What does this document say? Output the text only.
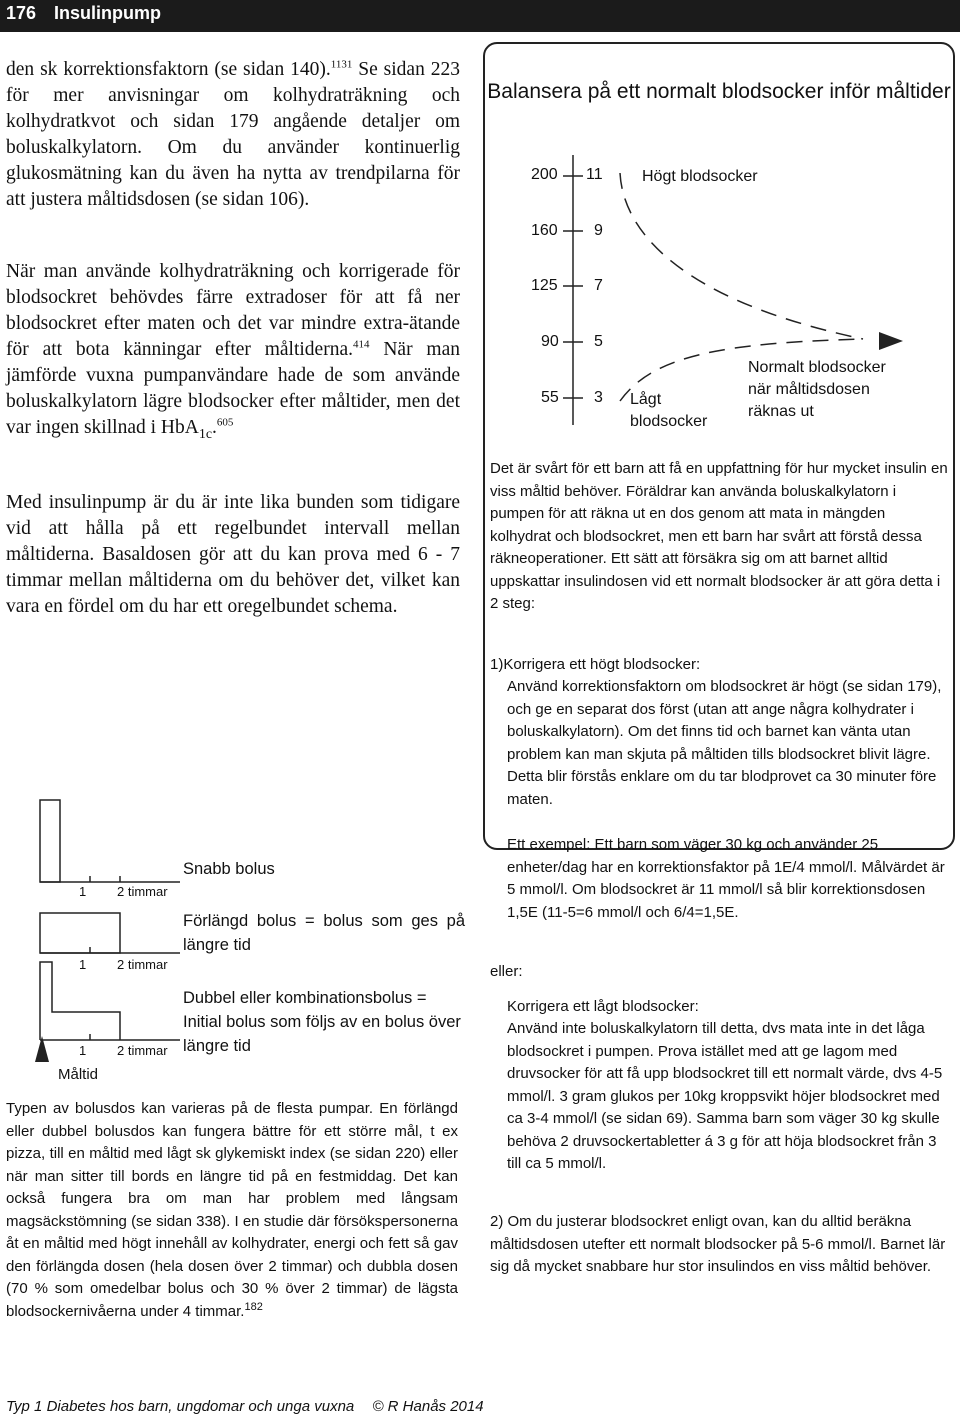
176 Insulinpump

den sk korrektionsfaktorn (se sidan 140).$^{1131}$ Se sidan 223 för mer anvisningar om kolhydraträkning och kolhydratkvot och sidan 179 angående detaljer om boluskalkylatorn. Om du använder kontinuerlig glukosmätning kan du även ha nytta av trendpilarna för att justera måltidsdosen (se sidan 106).

När man använde kolhydraträkning och korrigerade för blodsockret behövdes färre extradoser för att få ner blodsockret efter maten och det var mindre extra-ätande för att bota känningar efter måltiderna.$^{414}$ När man jämförde vuxna pumpanvändare hade de som använde boluskalkylatorn lägre blodsocker efter måltider, men det var ingen skillnad i HbA$_{1c}$.$^{605}$

Med insulinpump är du är inte lika bunden som tidigare vid att hålla på ett regelbundet intervall mellan måltiderna. Basaldosen gör att du kan prova med 6 - 7 timmar mellan måltiderna om du behöver det, vilket kan vara en fördel om du har ett oregelbundet schema.

Balansera på ett normalt blodsocker inför måltider
200
160
125
90
55
11
9
7
5
3
Högt blodsocker
Lågt
blodsocker
Normalt blodsocker
när måltidsdosen
räknas ut

Det är svårt för ett barn att få en uppfattning för hur mycket insulin en viss måltid behöver. Föräldrar kan använda boluskalkylatorn i pumpen för att räkna ut en dos genom att mata in mängden kolhydrat och blodsockret, men ett barn har svårt att förstå dessa räkneoperationer. Ett sätt att försäkra sig om att barnet alltid uppskattar insulindosen vid ett normalt blodsocker är att göra detta i 2 steg:

1)Korrigera ett högt blodsocker:

Använd korrektionsfaktorn om blodsockret är högt (se sidan 179), och ge en separat dos först (utan att ange några kolhydrater i boluskalkylatorn). Om det finns tid och barnet kan vänta utan problem kan man skjuta på måltiden tills blodsockret blivit lägre. Detta blir förstås enklare om du tar blodprovet ca 30 minuter före maten.

Ett exempel: Ett barn som väger 30 kg och använder 25 enheter/dag har en korrektionsfaktor på 1E/4 mmol/l. Målvärdet är 5 mmol/l. Om blodsockret är 11 mmol/l så blir korrektionsdosen 1,5E (11-5=6 mmol/l och 6/4=1,5E.

eller:

Korrigera ett lågt blodsocker:

Använd inte boluskalkylatorn till detta, dvs mata inte in det låga blodsockret i pumpen. Prova istället med att ge lagom med druvsocker för att få upp blodsockret till ett normalt värde, dvs 4-5 mmol/l. 3 gram glukos per 10kg kroppsvikt höjer blodsockret med ca 3-4 mmol/l (se sidan 69). Samma barn som väger 30 kg skulle behöva 2 druvsockertabletter á 3 g för att höja blodsockret från 3 till ca 5 mmol/l.

2) Om du justerar blodsockret enligt ovan, kan du alltid beräkna måltidsdosen utefter ett normalt blodsocker på 5-6 mmol/l. Barnet lär sig då mycket snabbare hur stor insulindos en viss måltid behöver.

1 2 timmar
1 2 timmar
1 2 timmar
Måltid
Snabb bolus
Förlängd bolus = bolus som ges på längre tid
Dubbel eller kombinationsbolus = Initial bolus som följs av en bolus över längre tid

Typen av bolusdos kan varieras på de flesta pumpar. En förlängd eller dubbel bolusdos kan fungera bättre för ett större mål, t ex pizza, till en måltid med lågt sk glykemiskt index (se sidan 220) eller när man sitter till bords en längre tid på en festmiddag. Det kan också fungera bra om man har problem med långsam magsäckstömning (se sidan 338). I en studie där försökspersonerna åt en måltid med högt innehåll av kolhydrater, energi och fett så gav den förlängda dosen (hela dosen över 2 timmar) och dubbla dosen (70 % som omedelbar bolus och 30 % över 2 timmar) de lägsta blodsockernivåerna under 4 timmar.$^{182}$

Typ 1 Diabetes hos barn, ungdomar och unga vuxna © R Hanås 2014
